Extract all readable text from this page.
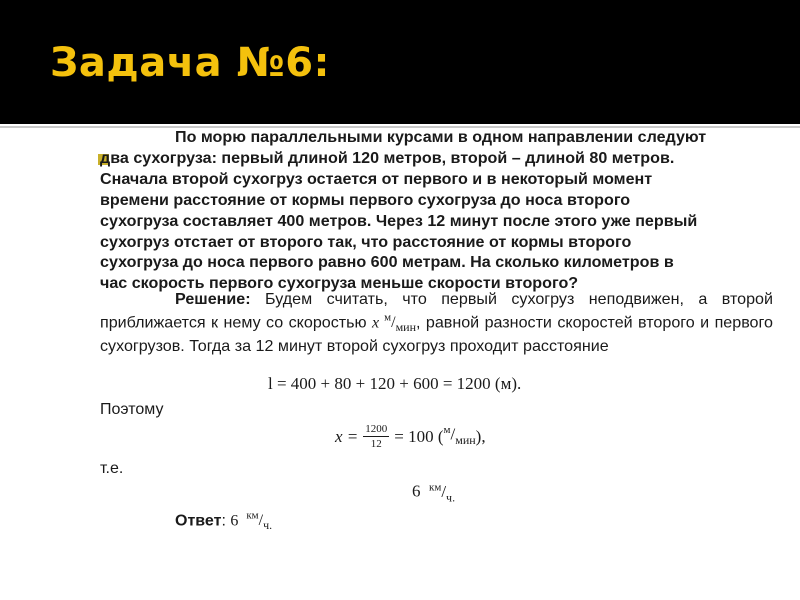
Задача №6:
По морю параллельными курсами в одном направлении следуют
два сухогруза: первый длиной 120 метров, второй – длиной 80 метров.
Сначала второй сухогруз остается от первого и в некоторый момент
времени расстояние от кормы первого сухогруза до носа второго
сухогруза составляет 400 метров. Через 12 минут после этого уже первый
сухогруз отстает от второго так, что расстояние от кормы второго
сухогруза до носа первого равно 600 метрам. На сколько километров в
час скорость первого сухогруза меньше скорости второго?
Решение: Будем считать, что первый сухогруз неподвижен, а второй приближается к нему со скоростью x $^м/_{мин}$, равной разности скоростей второго и первого сухогрузов. Тогда за 12 минут второй сухогруз проходит расстояние
l = 400 + 80 + 120 + 600 = 1200 (м).
Поэтому
$x = \frac{1200}{12} = 100$ ( $^м/_{мин}$ ),
т.е.
6 $^{км}/_{ч.}$
Ответ: 6 $^{км}/_{ч.}$
